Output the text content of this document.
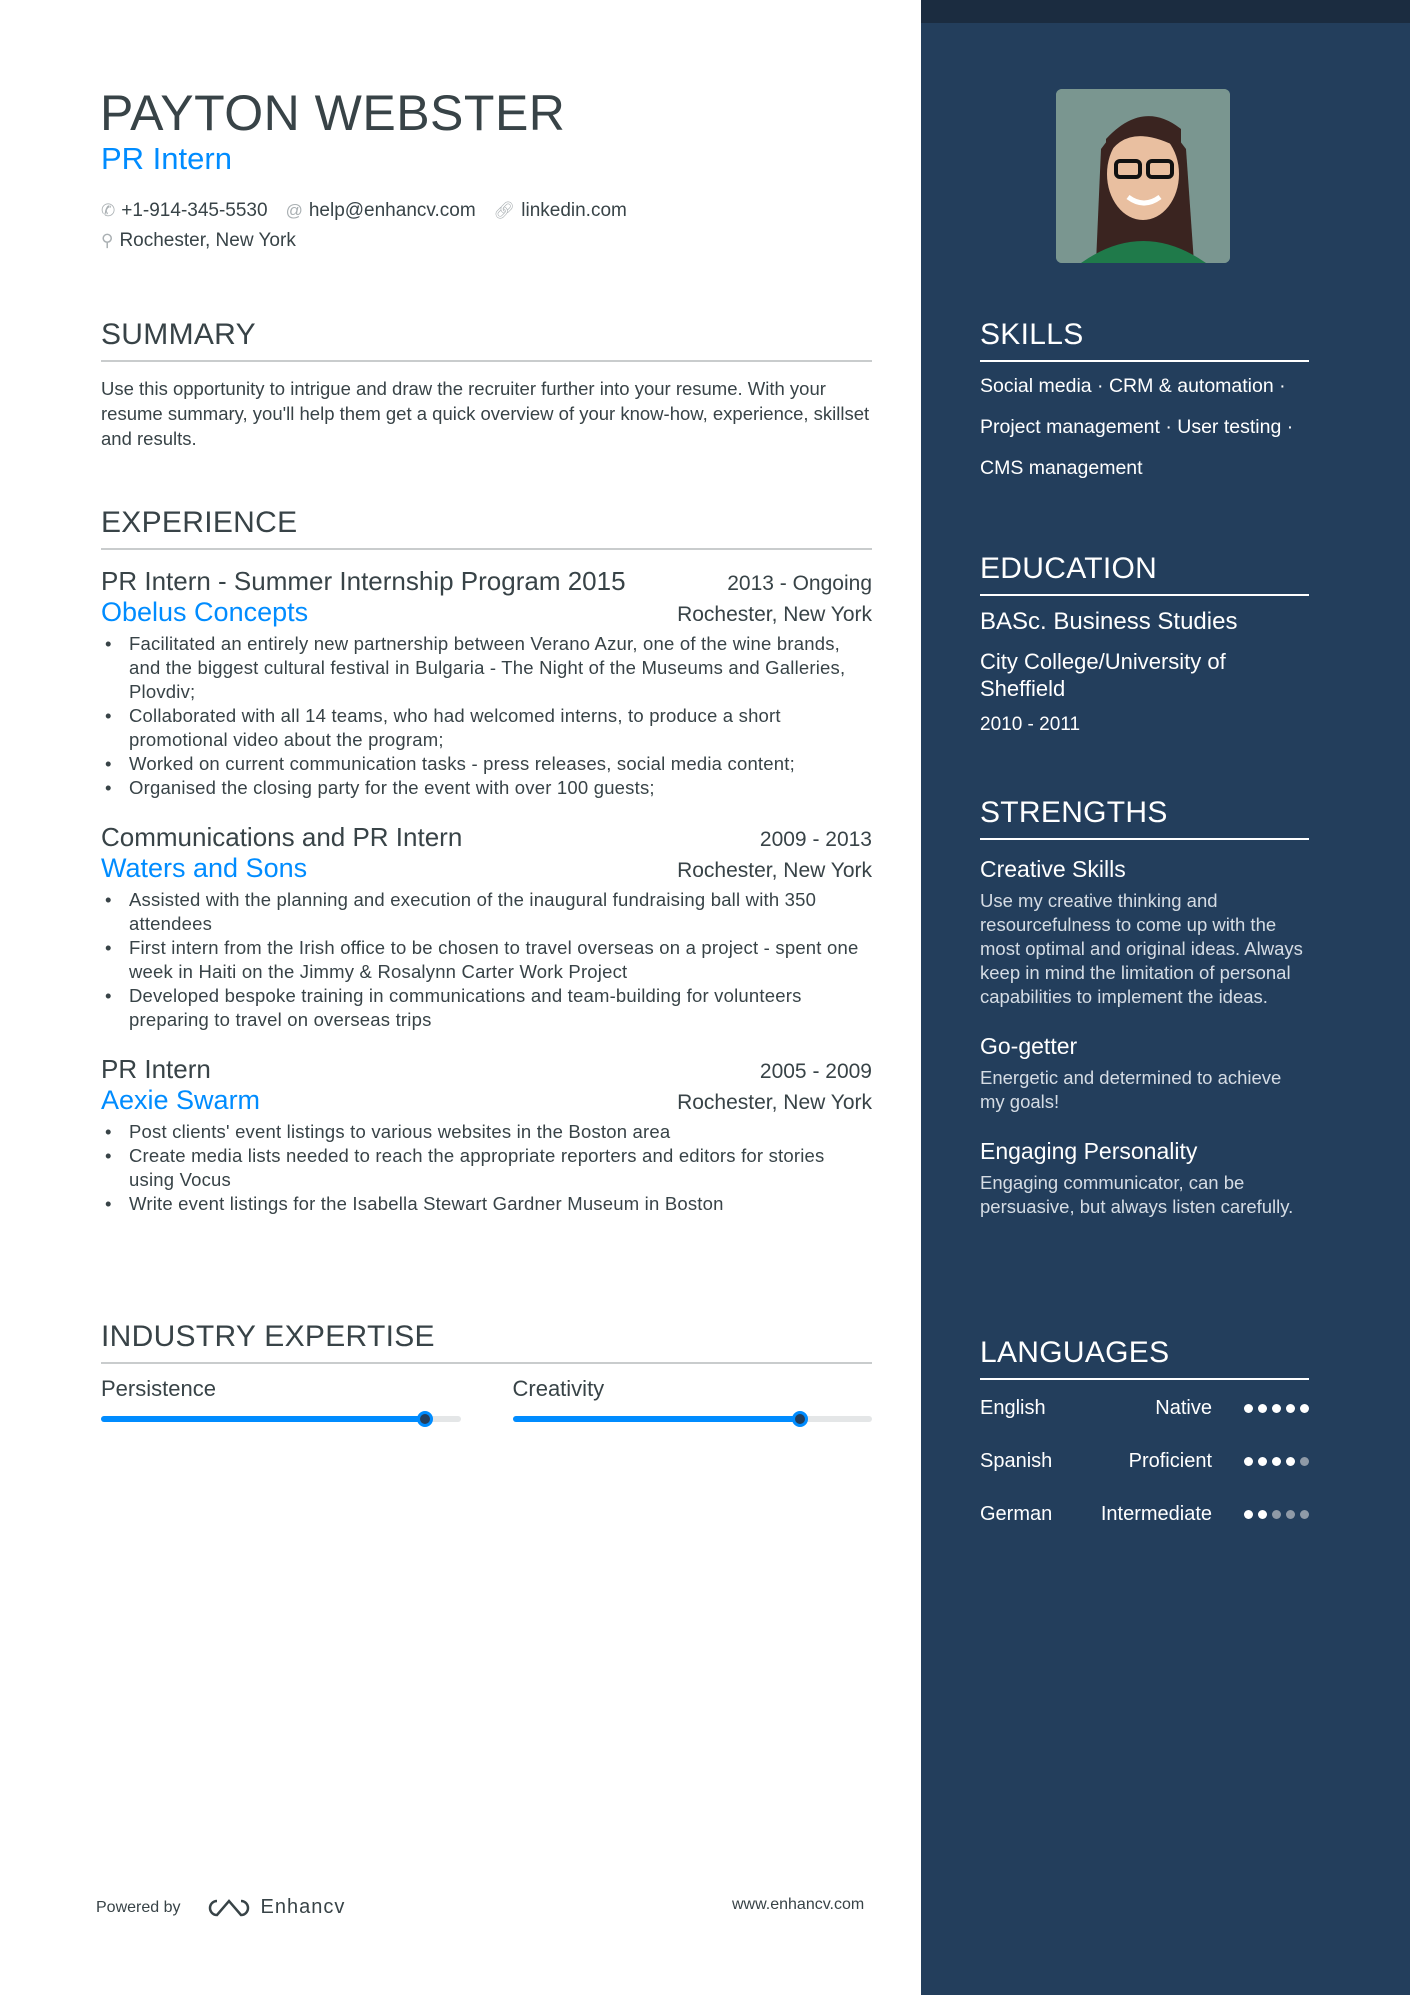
PAYTON WEBSTER
PR Intern
✆ +1-914-345-5530 @ help@enhancv.com 🔗︎ linkedin.com
⚲ Rochester, New York
SUMMARY
Use this opportunity to intrigue and draw the recruiter further into your resume. With your resume summary, you'll help them get a quick overview of your know-how, experience, skillset and results.
EXPERIENCE
PR Intern - Summer Internship Program 2015	2013 - Ongoing
Obelus Concepts	Rochester, New York
• Facilitated an entirely new partnership between Verano Azur, one of the wine brands, and the biggest cultural festival in Bulgaria - The Night of the Museums and Galleries, Plovdiv;
• Collaborated with all 14 teams, who had welcomed interns, to produce a short promotional video about the program;
• Worked on current communication tasks - press releases, social media content;
• Organised the closing party for the event with over 100 guests;
Communications and PR Intern	2009 - 2013
Waters and Sons	Rochester, New York
• Assisted with the planning and execution of the inaugural fundraising ball with 350 attendees
• First intern from the Irish office to be chosen to travel overseas on a project - spent one week in Haiti on the Jimmy & Rosalynn Carter Work Project
• Developed bespoke training in communications and team-building for volunteers preparing to travel on overseas trips
PR Intern	2005 - 2009
Aexie Swarm	Rochester, New York
• Post clients' event listings to various websites in the Boston area
• Create media lists needed to reach the appropriate reporters and editors for stories using Vocus
• Write event listings for the Isabella Stewart Gardner Museum in Boston
INDUSTRY EXPERTISE
Persistence	Creativity
SKILLS
Social media · CRM & automation ·
Project management · User testing ·
CMS management
EDUCATION
BASc. Business Studies
City College/University of Sheffield
2010 - 2011
STRENGTHS
Creative Skills
Use my creative thinking and resourcefulness to come up with the most optimal and original ideas. Always keep in mind the limitation of personal capabilities to implement the ideas.
Go-getter
Energetic and determined to achieve my goals!
Engaging Personality
Engaging communicator, can be persuasive, but always listen carefully.
LANGUAGES
English	Native
Spanish	Proficient
German	Intermediate
Powered by	Enhancv	www.enhancv.com
